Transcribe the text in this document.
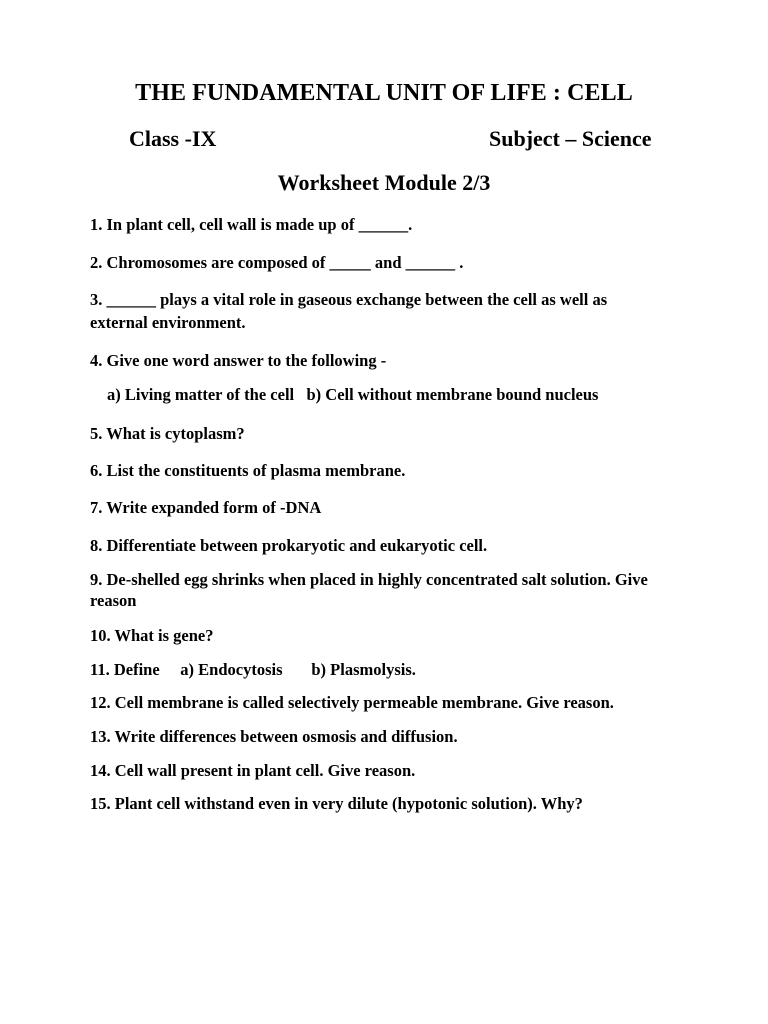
THE FUNDAMENTAL UNIT OF LIFE : CELL
Class -IX	Subject – Science
Worksheet Module 2/3
1. In plant cell, cell wall is made up of ______.
2. Chromosomes are composed of _____ and ______ .
3. ______ plays a vital role in gaseous exchange between the cell as well as external environment.
4. Give one word answer to the following -
a) Living matter of the cell   b) Cell without membrane bound nucleus
5. What is cytoplasm?
6. List the constituents of plasma membrane.
7. Write expanded form of -DNA
8. Differentiate between prokaryotic and eukaryotic cell.
9. De-shelled egg shrinks when placed in highly concentrated salt solution. Give reason
10. What is gene?
11. Define     a) Endocytosis       b) Plasmolysis.
12. Cell membrane is called selectively permeable membrane. Give reason.
13. Write differences between osmosis and diffusion.
14. Cell wall present in plant cell. Give reason.
15. Plant cell withstand even in very dilute (hypotonic solution). Why?
